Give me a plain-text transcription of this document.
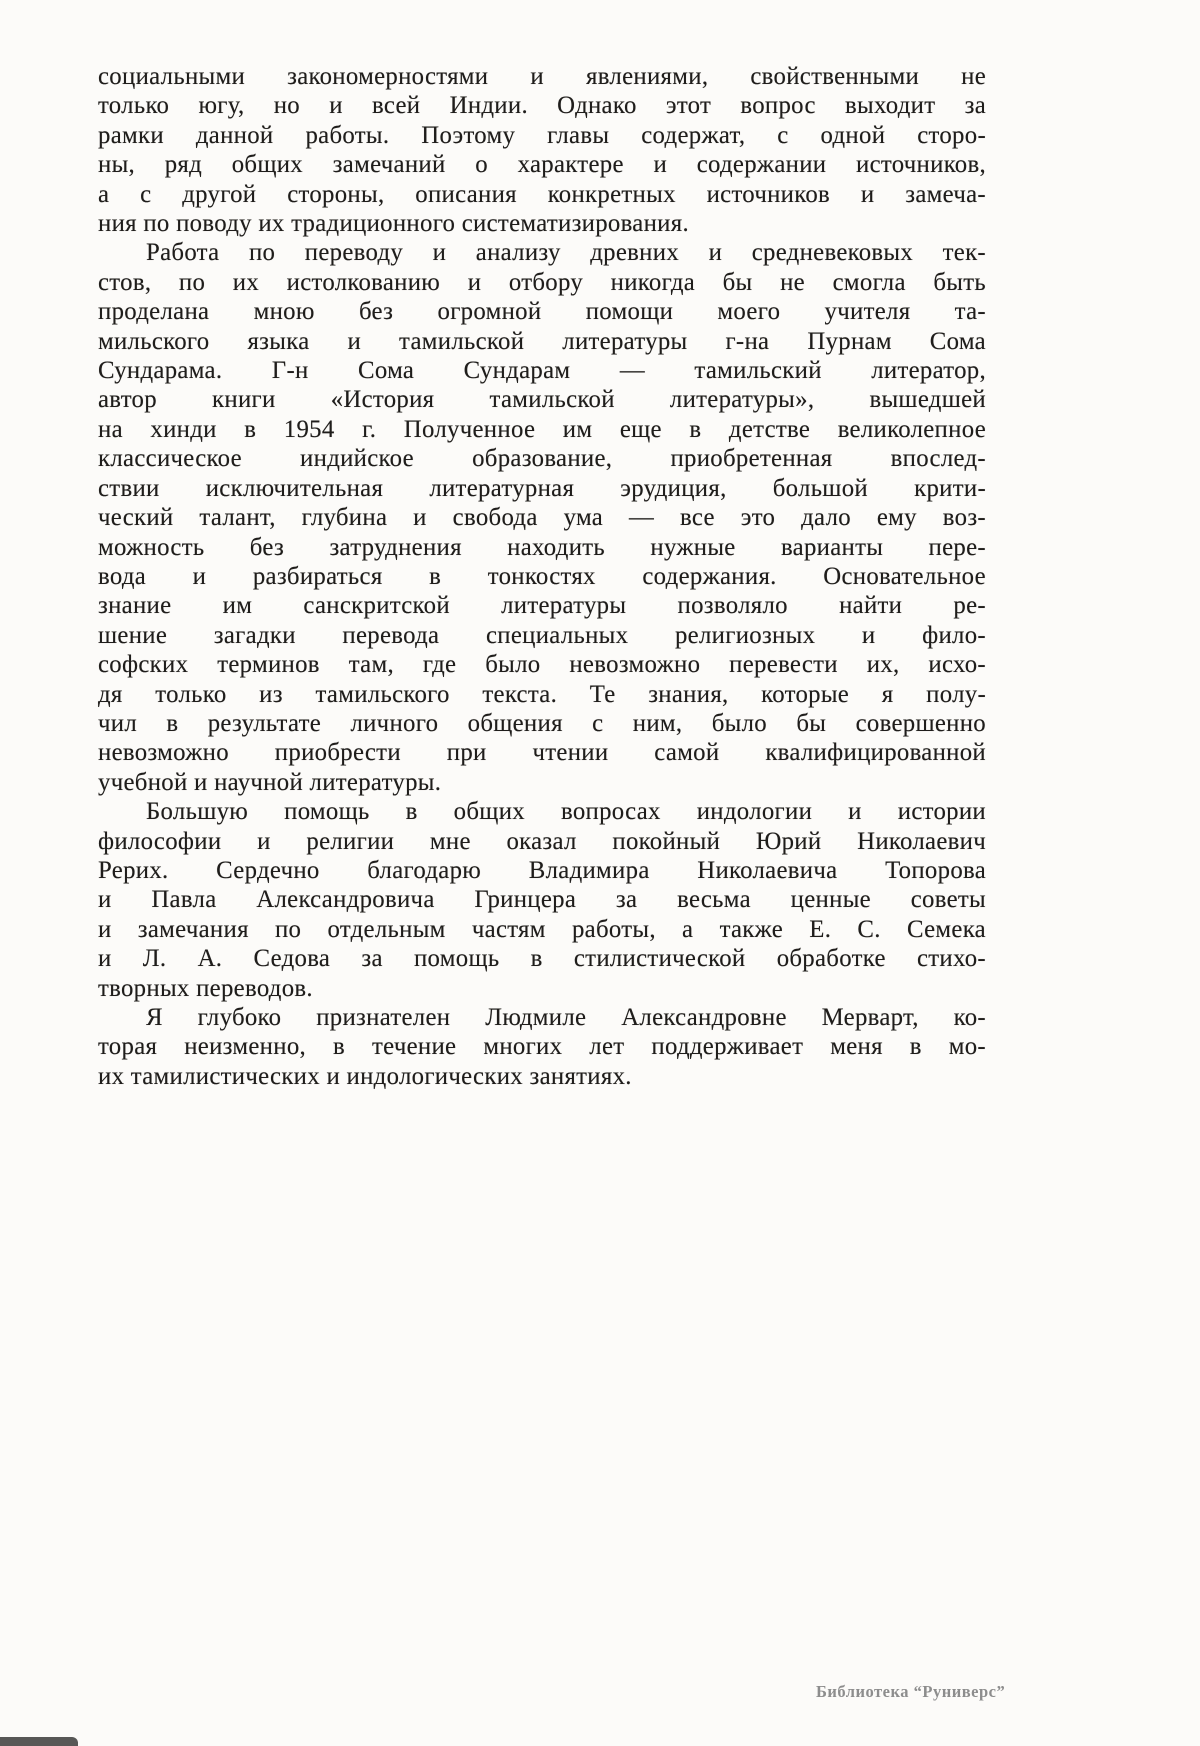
социальными закономерностями и явлениями, свойственными не
только югу, но и всей Индии. Однако этот вопрос выходит за
рамки данной работы. Поэтому главы содержат, с одной сторо-
ны, ряд общих замечаний о характере и содержании источников,
а с другой стороны, описания конкретных источников и замеча-
ния по поводу их традиционного систематизирования.
Работа по переводу и анализу древних и средневековых тек-
стов, по их истолкованию и отбору никогда бы не смогла быть
проделана мною без огромной помощи моего учителя та-
мильского языка и тамильской литературы г-на Пурнам Сома
Сундарама. Г-н Сома Сундарам — тамильский литератор,
автор книги «История тамильской литературы», вышедшей
на хинди в 1954 г. Полученное им еще в детстве великолепное
классическое индийское образование, приобретенная впослед-
ствии исключительная литературная эрудиция, большой крити-
ческий талант, глубина и свобода ума — все это дало ему воз-
можность без затруднения находить нужные варианты пере-
вода и разбираться в тонкостях содержания. Основательное
знание им санскритской литературы позволяло найти ре-
шение загадки перевода специальных религиозных и фило-
софских терминов там, где было невозможно перевести их, исхо-
дя только из тамильского текста. Те знания, которые я полу-
чил в результате личного общения с ним, было бы совершенно
невозможно приобрести при чтении самой квалифицированной
учебной и научной литературы.
Большую помощь в общих вопросах индологии и истории
философии и религии мне оказал покойный Юрий Николаевич
Рерих. Сердечно благодарю Владимира Николаевича Топорова
и Павла Александровича Гринцера за весьма ценные советы
и замечания по отдельным частям работы, а также Е. С. Семека
и Л. А. Седова за помощь в стилистической обработке стихо-
творных переводов.
Я глубоко признателен Людмиле Александровне Мерварт, ко-
торая неизменно, в течение многих лет поддерживает меня в мо-
их тамилистических и индологических занятиях.
Библиотека “Руниверс”
